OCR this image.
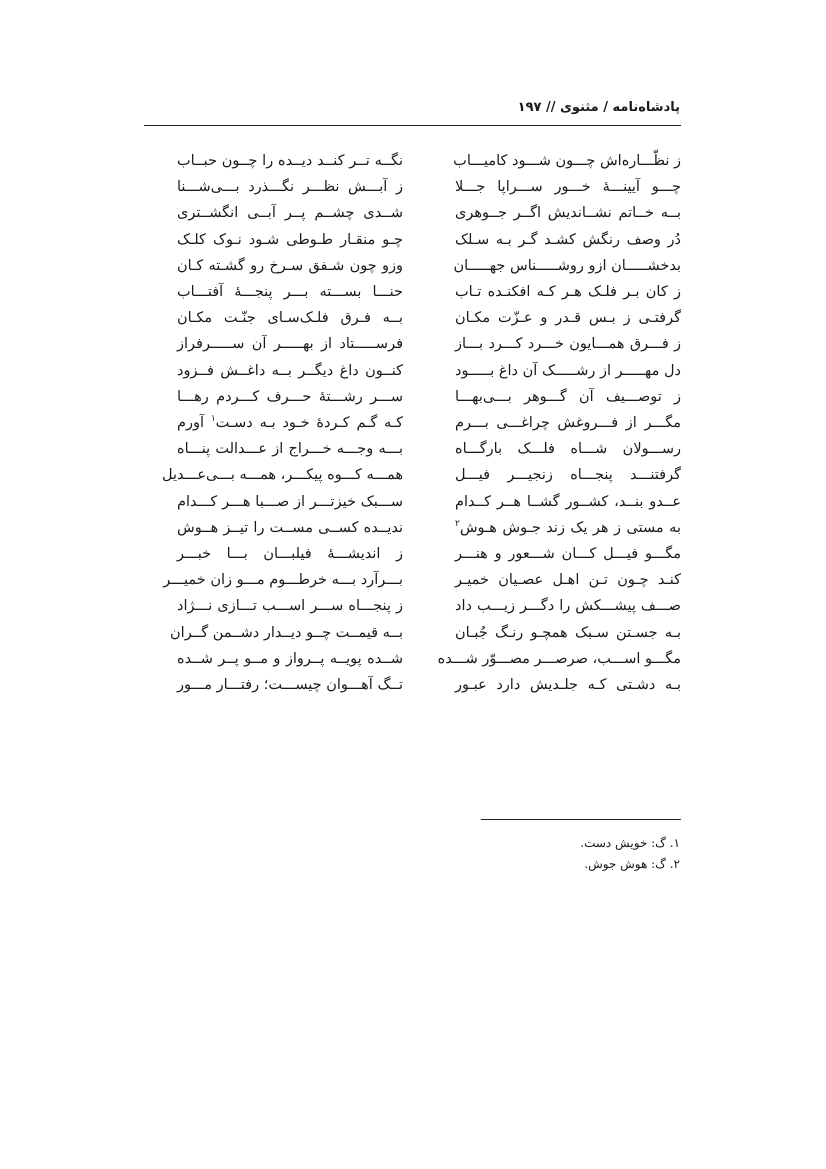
پادشاه‌نامه / مثنوی // ۱۹۷
ز نظّـــاره‌اش چـــون شـــود کامیـــاب
نگــه تــر کنــد دیــده را چــون حبــاب
چـــو آیینـــهٔ خـــور ســـراپا جـــلا
ز آبـــش نظـــر نگـــذرد بـــی‌شـــنا
بــه خــاتم نشــاندیش اگــر جــوهری
شــدی چشــم پــر آبــی انگشــتری
دُر وصف رنگش کشـد گـر بـه سـلک
چـو منقـار طـوطی شـود نـوک کلـک
بدخشـــــان ازو روشـــــناس جهـــــان
وزو چون شـفق سـرخ رو گشـته کـان
ز کان بـر فلـک هـر کـه افکنـده تـاب
حنـــا بســـته بـــر پنجـــهٔ آفتـــاب
گرفتـی ز بـس قـدر و عـزّت مکـان
بــه فـرق فلـک‌سـای جنّـت مکـان
ز فـــرق همـــایون خـــرد کـــرد بـــاز
فرســـــتاد از بهـــــر آن ســـــرفراز
دل مهـــــر از رشـــــک آن داغ بـــــود
کنــون داغ دیگــر بــه داغــش فــزود
ز توصـــیف آن گـــوهر بـــی‌بهـــا
ســـر رشـــتهٔ حـــرف کـــردم رهـــا
مگـــر از فـــروغش چراغـــی بـــرم
کـه گـم کـردهٔ خـود بـه دسـت$^۱$ آورم
رســـولان شـــاه فلـــک بارگـــاه
بـــه وجـــه خـــراج از عـــدالت پنـــاه
گرفتنـــد پنجـــاه زنجیـــر فیـــل
همـــه کـــوه پیکـــر، همـــه بـــی‌عـــدیل
عــدو بنــد، کشــور گشــا هــر کــدام
ســـبک خیزتـــر از صـــبا هـــر کـــدام
به مستی ز هر یک زند جـوش هـوش$^۲$
ندیــده کســی مســت را تیــز هــوش
مگـــو فیـــل کـــان شـــعور و هنـــر
ز اندیشـــهٔ فیلبـــان بـــا خبـــر
کنـد چـون تـن اهـل عصـیان خمیـر
بـــرآرد بـــه خرطـــوم مـــو زان خمیـــر
صـــف پیشـــکش را دگـــر زیـــب داد
ز پنجـــاه ســـر اســـب تـــازی نـــژاد
بـه جسـتن سـبک همچـو رنـگ جُبـان
بــه قیمــت چــو دیــدار دشــمن گــران
مگـــو اســـب، صرصـــر مصـــوّر شـــده
شــده پویــه پــرواز و مــو پــر شــده
بـه دشـتی کـه جلـدیش دارد عبـور
تــگ آهـــوان چیســـت؛ رفتـــار مـــور
۱. گ: خویش دست.
۲. گ: هوش جوش.
